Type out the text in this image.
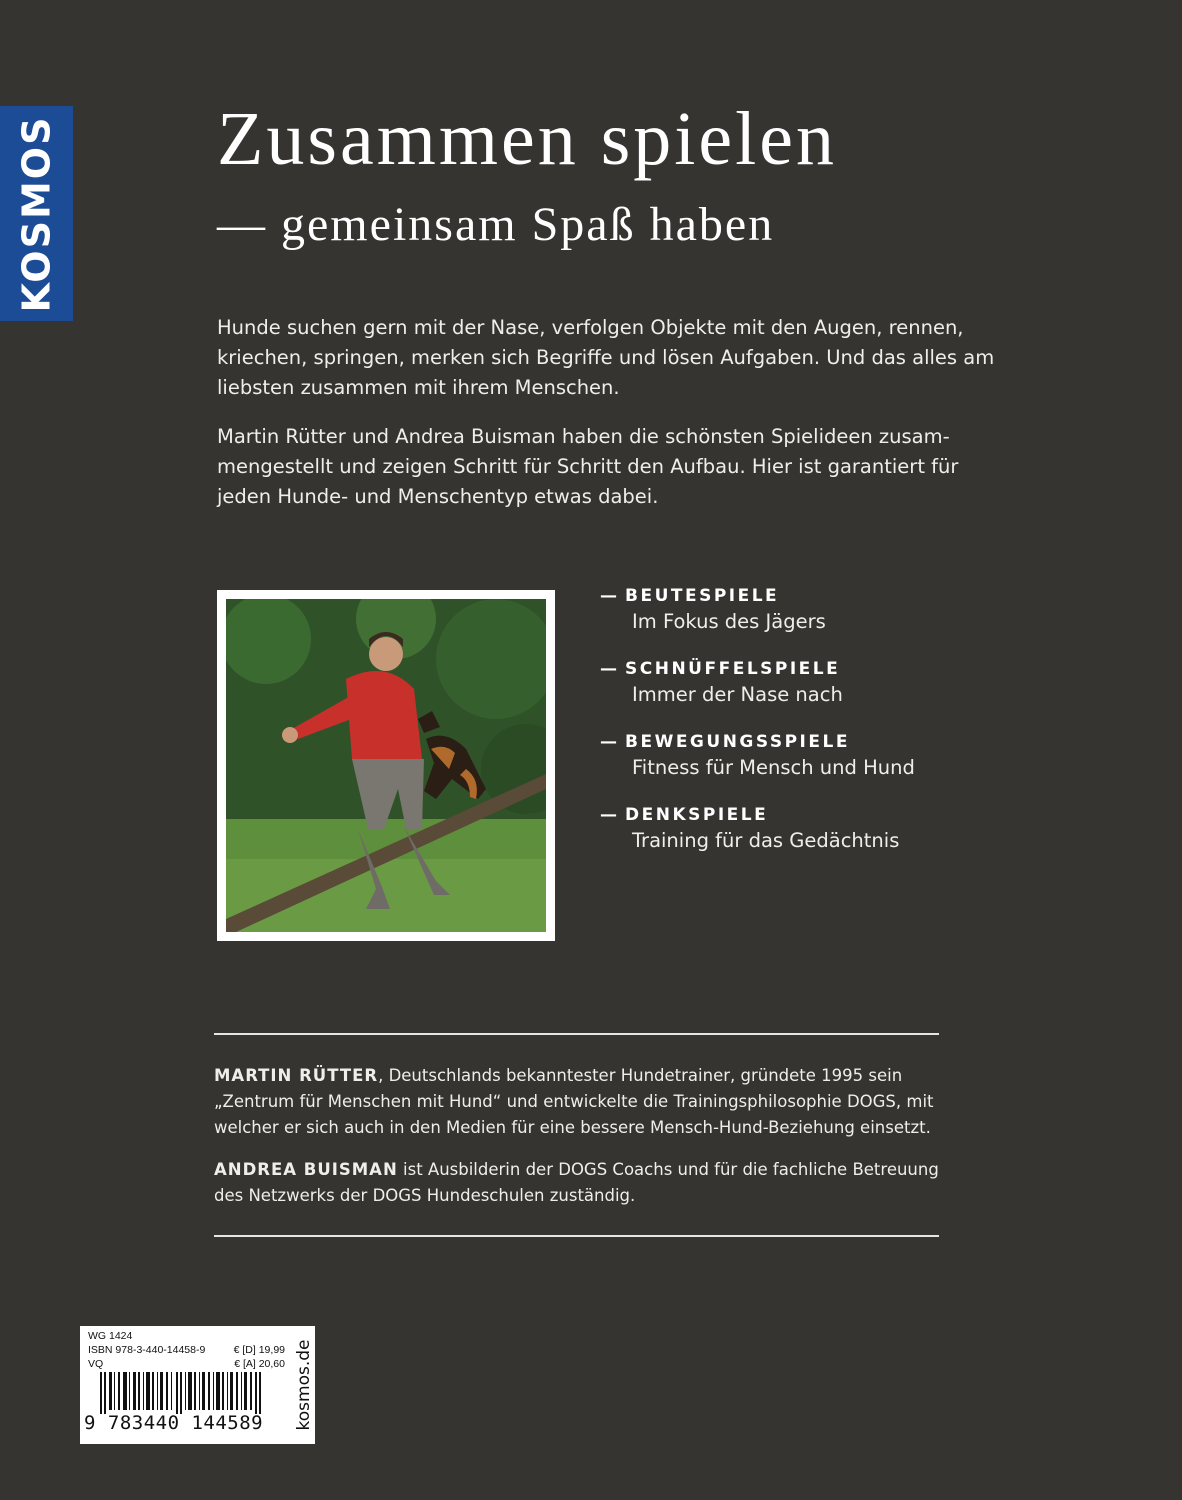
KOSMOS Zusammen spielen
— gemeinsam Spaß haben

Hunde suchen gern mit der Nase, verfolgen Objekte mit den Augen, rennen, kriechen, springen, merken sich Begriffe und lösen Aufgaben. Und das alles am liebsten zusammen mit ihrem Menschen.

Martin Rütter und Andrea Buisman haben die schönsten Spielideen zusammengestellt und zeigen Schritt für Schritt den Aufbau. Hier ist garantiert für jeden Hunde- und Menschentyp etwas dabei.

— BEUTESPIELE
Im Fokus des Jägers
— SCHNÜFFELSPIELE
Immer der Nase nach
— BEWEGUNGSSPIELE
Fitness für Mensch und Hund
— DENKSPIELE
Training für das Gedächtnis

MARTIN RÜTTER, Deutschlands bekanntester Hundetrainer, gründete 1995 sein „Zentrum für Menschen mit Hund“ und entwickelte die Trainingsphilosophie DOGS, mit welcher er sich auch in den Medien für eine bessere Mensch-Hund-Beziehung einsetzt.

ANDREA BUISMAN ist Ausbilderin der DOGS Coachs und für die fachliche Betreuung des Netzwerks der DOGS Hundeschulen zuständig.

WG 1424
ISBN 978-3-440-14458-9
VQ
€ [D] 19,99
€ [A] 20,60
9 783440 144589 kosmos.de
